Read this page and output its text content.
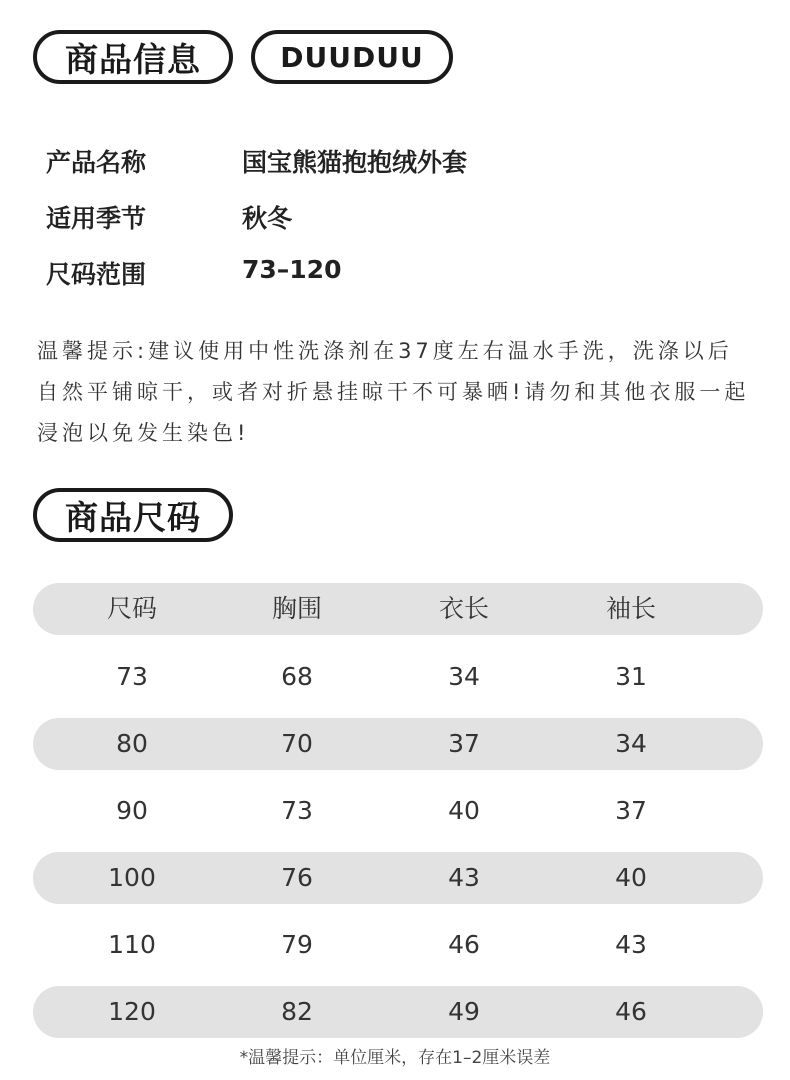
商品信息	DUUDUU
产品名称	国宝熊猫抱抱绒外套
适用季节	秋冬
尺码范围	73–120
温馨提示:建议使用中性洗涤剂在37度左右温水手洗，洗涤以后自然平铺晾干，或者对折悬挂晾干不可暴晒!请勿和其他衣服一起浸泡以免发生染色!
商品尺码
尺码	胸围	衣长	袖长
73	68	34	31
80	70	37	34
90	73	40	37
100	76	43	40
110	79	46	43
120	82	49	46
*温馨提示：单位厘米，存在1–2厘米误差
